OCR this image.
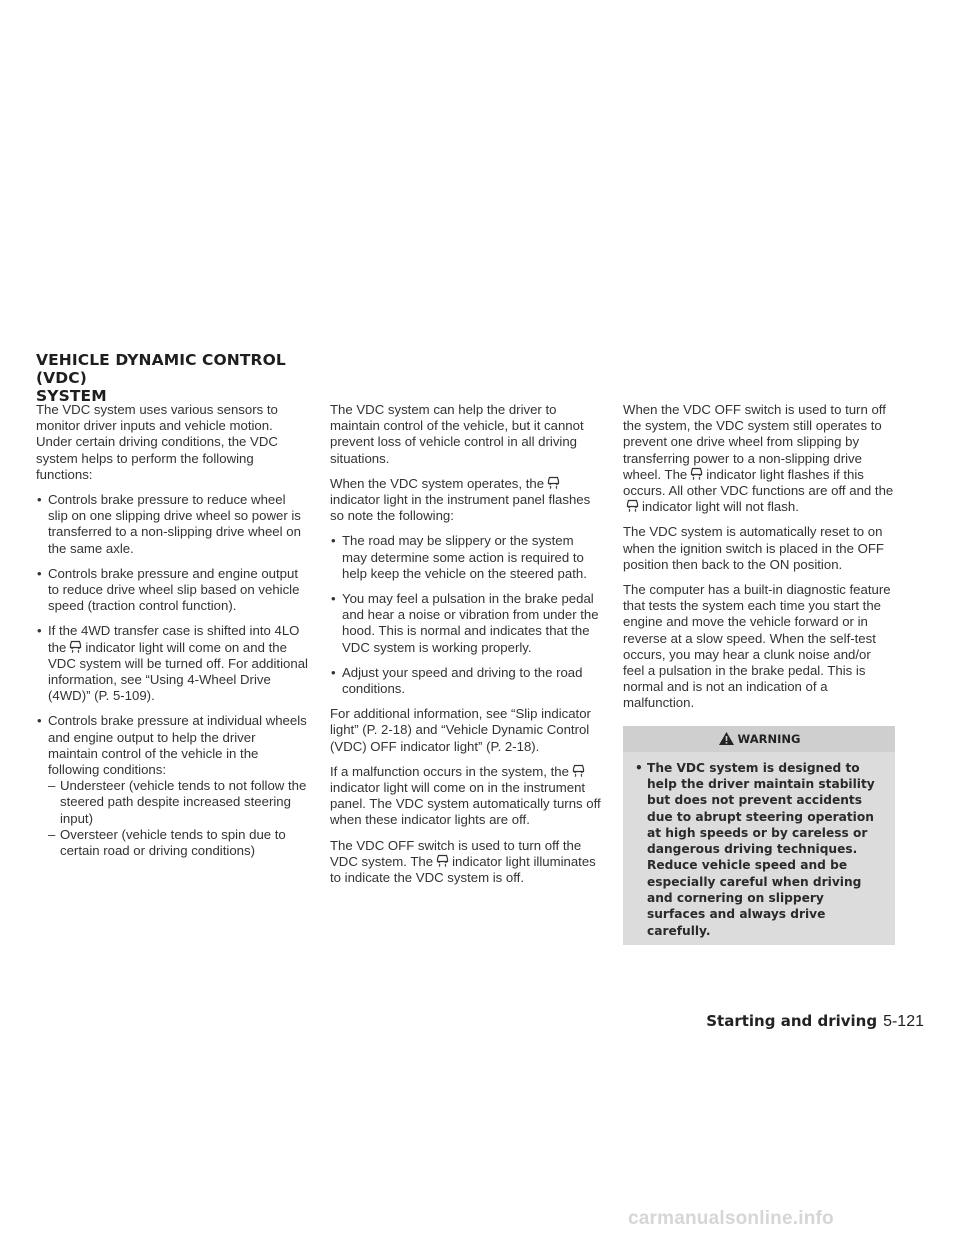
VEHICLE DYNAMIC CONTROL (VDC)
SYSTEM

The VDC system uses various sensors to monitor driver inputs and vehicle motion. Under certain driving conditions, the VDC system helps to perform the following functions:

• Controls brake pressure to reduce wheel slip on one slipping drive wheel so power is transferred to a non-slipping drive wheel on the same axle.
• Controls brake pressure and engine output to reduce drive wheel slip based on vehicle speed (traction control function).
• If the 4WD transfer case is shifted into 4LO the indicator light will come on and the VDC system will be turned off. For additional information, see “Using 4-Wheel Drive (4WD)” (P. 5-109).
• Controls brake pressure at individual wheels and engine output to help the driver maintain control of the vehicle in the following conditions:
– Understeer (vehicle tends to not follow the steered path despite increased steering input)
– Oversteer (vehicle tends to spin due to certain road or driving conditions)

The VDC system can help the driver to maintain control of the vehicle, but it cannot prevent loss of vehicle control in all driving situations.

When the VDC system operates, the
indicator light in the instrument panel flashes so note the following:

• The road may be slippery or the system may determine some action is required to help keep the vehicle on the steered path.
• You may feel a pulsation in the brake pedal and hear a noise or vibration from under the hood. This is normal and indicates that the VDC system is working properly.
• Adjust your speed and driving to the road conditions.

For additional information, see “Slip indicator light” (P. 2-18) and “Vehicle Dynamic Control (VDC) OFF indicator light” (P. 2-18).

If a malfunction occurs in the system, the
indicator light will come on in the instrument panel. The VDC system automatically turns off when these indicator lights are off.

The VDC OFF switch is used to turn off the VDC system. The indicator light illuminates to indicate the VDC system is off.

When the VDC OFF switch is used to turn off the system, the VDC system still operates to prevent one drive wheel from slipping by transferring power to a non-slipping drive wheel. The indicator light flashes if this occurs. All other VDC functions are off and the
indicator light will not flash.

The VDC system is automatically reset to on when the ignition switch is placed in the OFF position then back to the ON position.

The computer has a built-in diagnostic feature that tests the system each time you start the engine and move the vehicle forward or in reverse at a slow speed. When the self-test occurs, you may hear a clunk noise and/or feel a pulsation in the brake pedal. This is normal and is not an indication of a malfunction.

WARNING
• The VDC system is designed to help the driver maintain stability but does not prevent accidents due to abrupt steering operation at high speeds or by careless or dangerous driving techniques. Reduce vehicle speed and be especially careful when driving and cornering on slippery surfaces and always drive carefully.
Starting and driving 5-121
carmanualsonline.info
